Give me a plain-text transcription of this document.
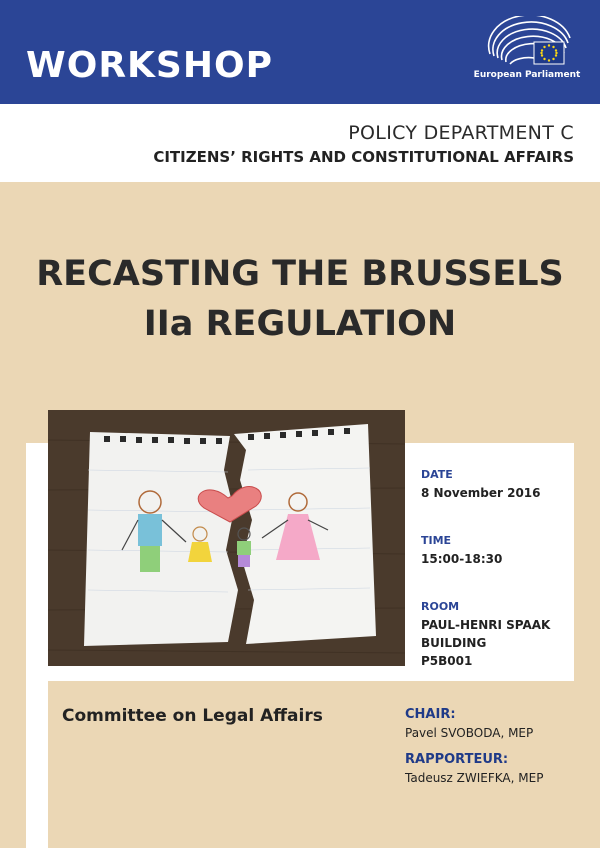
WORKSHOP	European Parliament
POLICY DEPARTMENT C
CITIZENS’ RIGHTS AND CONSTITUTIONAL AFFAIRS
RECASTING THE BRUSSELS
IIa REGULATION
DATE
8 November 2016
TIME
15:00-18:30
ROOM
PAUL-HENRI SPAAK
BUILDING
P5B001
Committee on Legal Affairs	CHAIR:
Pavel SVOBODA, MEP
RAPPORTEUR:
Tadeusz ZWIEFKA, MEP
